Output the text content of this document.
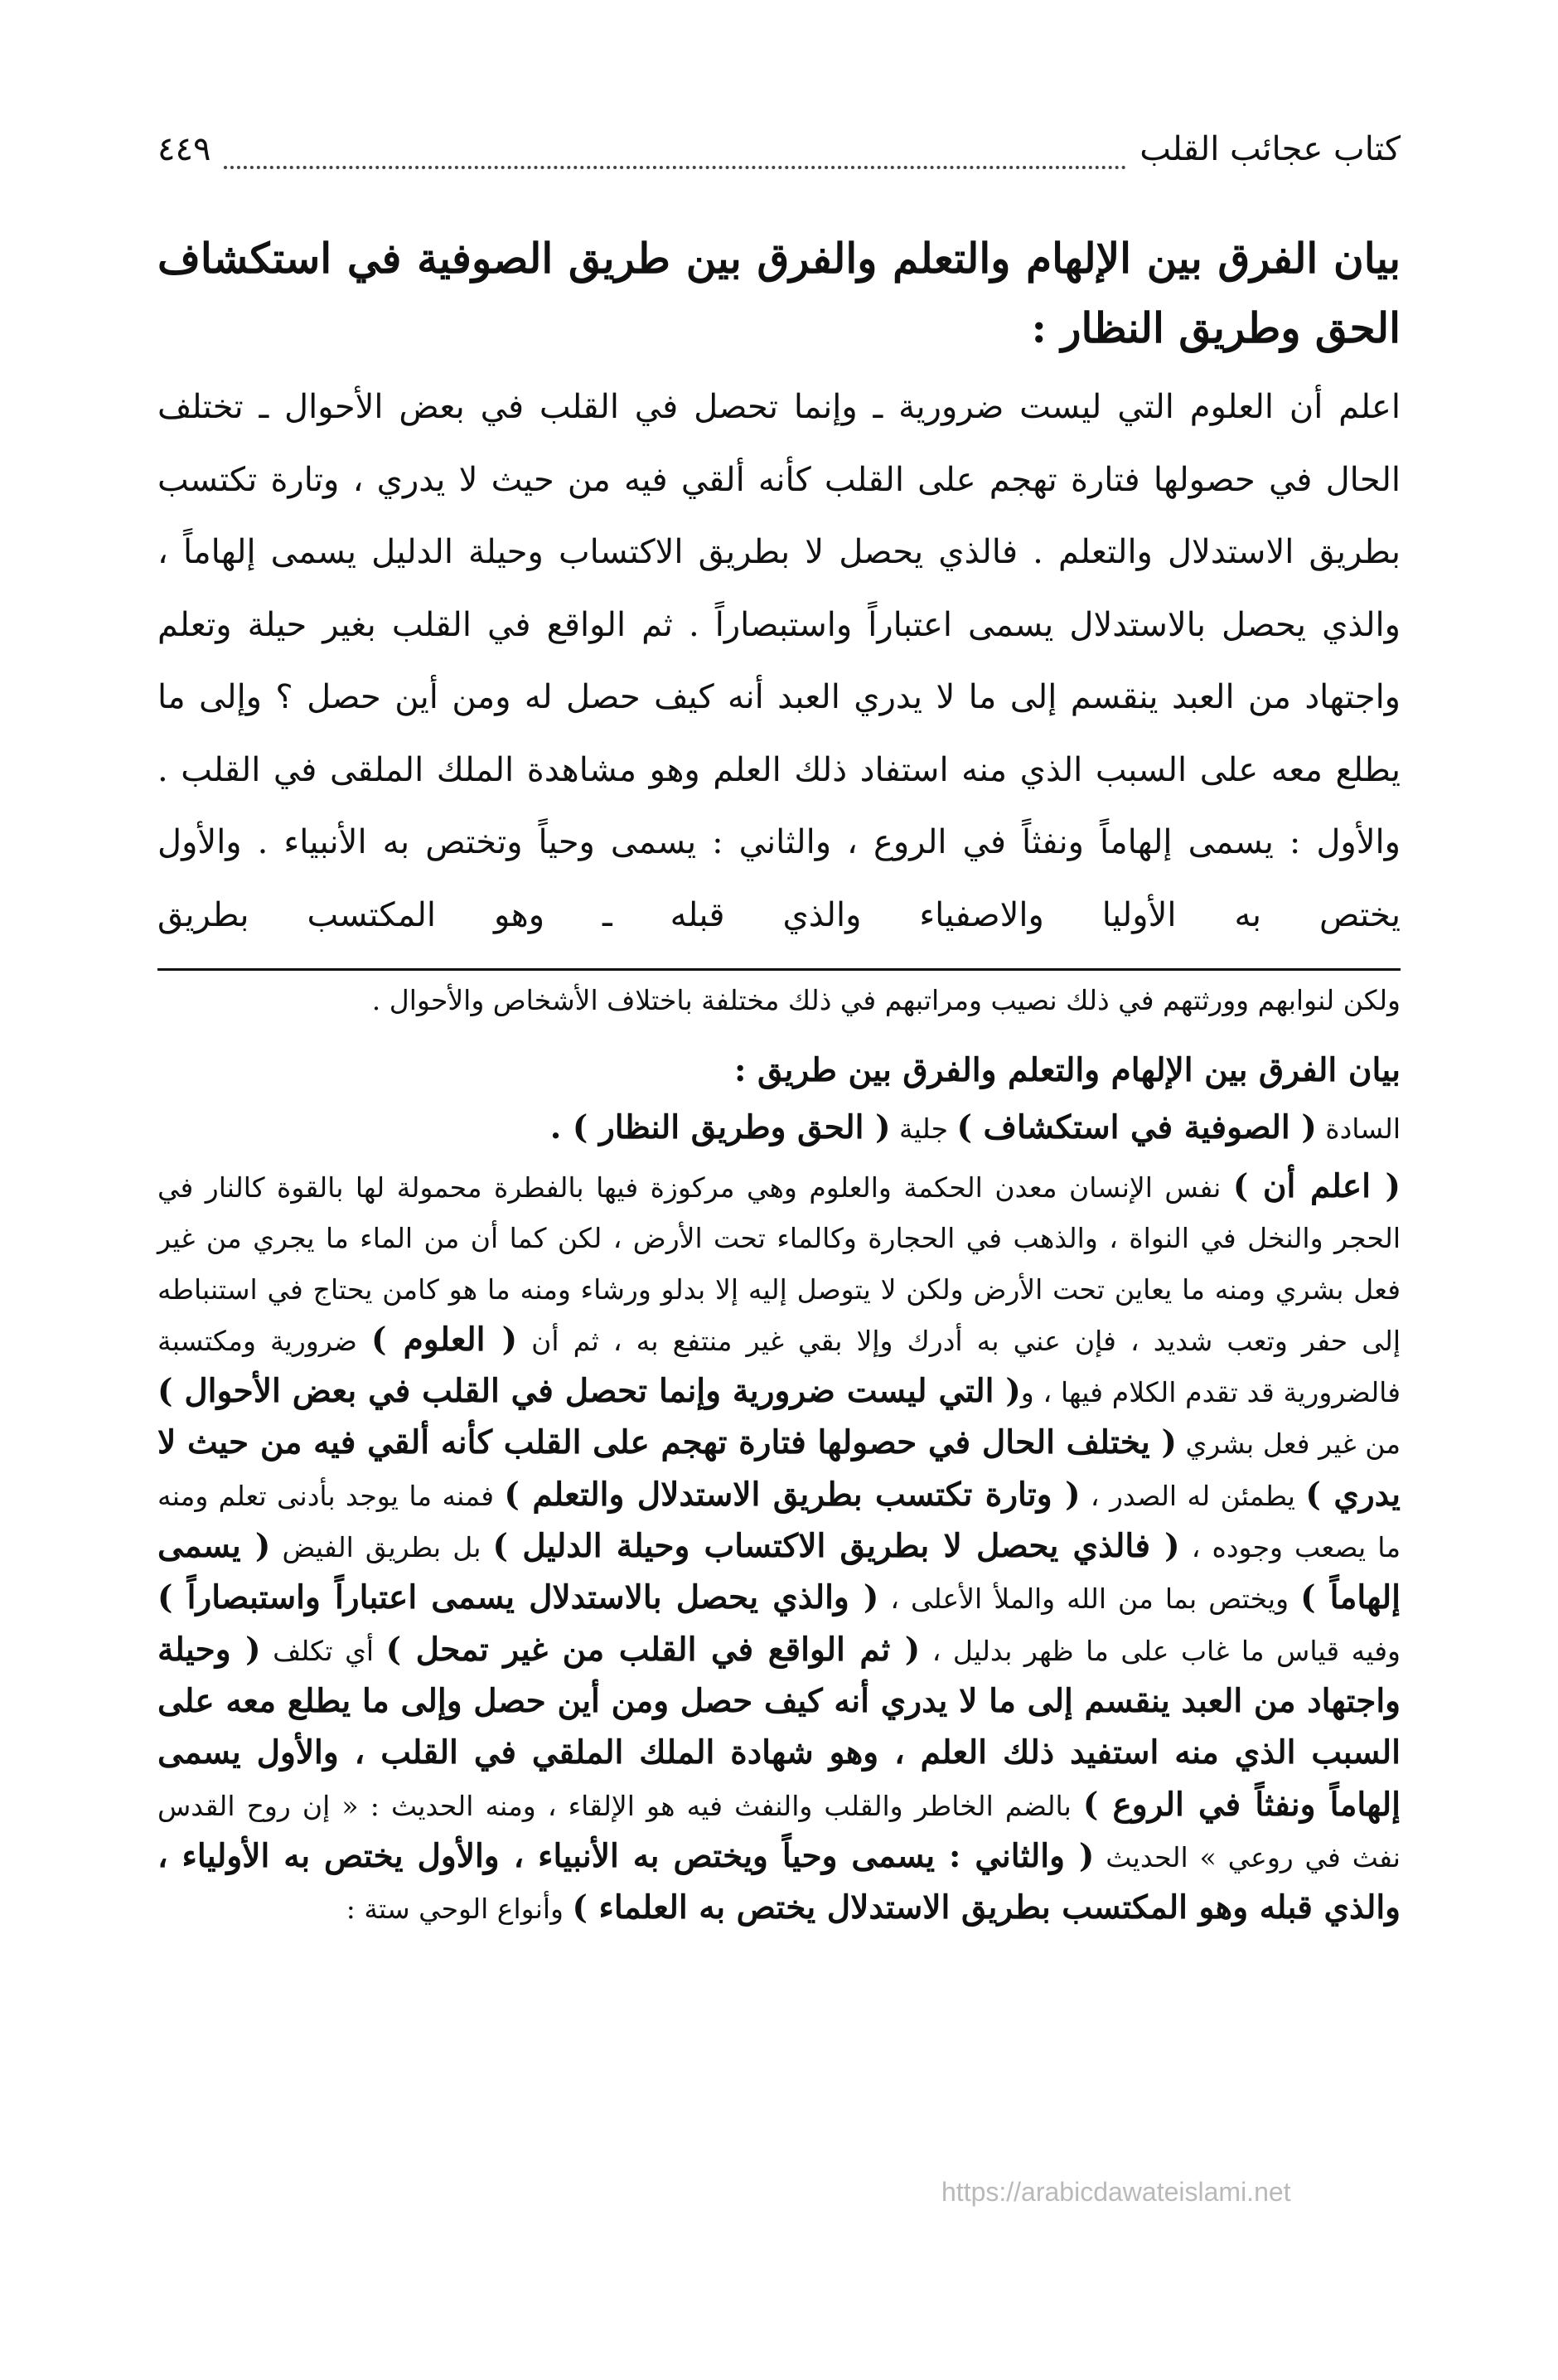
كتاب عجائب القلب
٤٤٩
بيان الفرق بين الإلهام والتعلم والفرق بين طريق الصوفية في استكشاف الحق وطريق النظار :
اعلم أن العلوم التي ليست ضرورية ـ وإنما تحصل في القلب في بعض الأحوال ـ تختلف الحال في حصولها فتارة تهجم على القلب كأنه ألقي فيه من حيث لا يدري ، وتارة تكتسب بطريق الاستدلال والتعلم . فالذي يحصل لا بطريق الاكتساب وحيلة الدليل يسمى إلهاماً ، والذي يحصل بالاستدلال يسمى اعتباراً واستبصاراً . ثم الواقع في القلب بغير حيلة وتعلم واجتهاد من العبد ينقسم إلى ما لا يدري العبد أنه كيف حصل له ومن أين حصل ؟ وإلى ما يطلع معه على السبب الذي منه استفاد ذلك العلم وهو مشاهدة الملك الملقى في القلب . والأول : يسمى إلهاماً ونفثاً في الروع ، والثاني : يسمى وحياً وتختص به الأنبياء . والأول يختص به الأوليا والاصفياء والذي قبله ـ وهو المكتسب بطريق
ولكن لنوابهم وورثتهم في ذلك نصيب ومراتبهم في ذلك مختلفة باختلاف الأشخاص والأحوال .
بيان الفرق بين الإلهام والتعلم والفرق بين طريق :
السادة ( الصوفية في استكشاف ) جلية ( الحق وطريق النظار ) .
( اعلم أن ) نفس الإنسان معدن الحكمة والعلوم وهي مركوزة فيها بالفطرة محمولة لها بالقوة كالنار في الحجر والنخل في النواة ، والذهب في الحجارة وكالماء تحت الأرض ، لكن كما أن من الماء ما يجري من غير فعل بشري ومنه ما يعاين تحت الأرض ولكن لا يتوصل إليه إلا بدلو ورشاء ومنه ما هو كامن يحتاج في استنباطه إلى حفر وتعب شديد ، فإن عني به أدرك وإلا بقي غير منتفع به ، ثم أن ( العلوم ) ضرورية ومكتسبة فالضرورية قد تقدم الكلام فيها ، و( التي ليست ضرورية وإنما تحصل في القلب في بعض الأحوال ) من غير فعل بشري ( يختلف الحال في حصولها فتارة تهجم على القلب كأنه ألقي فيه من حيث لا يدري ) يطمئن له الصدر ، ( وتارة تكتسب بطريق الاستدلال والتعلم ) فمنه ما يوجد بأدنى تعلم ومنه ما يصعب وجوده ، ( فالذي يحصل لا بطريق الاكتساب وحيلة الدليل ) بل بطريق الفيض ( يسمى إلهاماً ) ويختص بما من الله والملأ الأعلى ، ( والذي يحصل بالاستدلال يسمى اعتباراً واستبصاراً ) وفيه قياس ما غاب على ما ظهر بدليل ، ( ثم الواقع في القلب من غير تمحل ) أي تكلف ( وحيلة واجتهاد من العبد ينقسم إلى ما لا يدري أنه كيف حصل ومن أين حصل وإلى ما يطلع معه على السبب الذي منه استفيد ذلك العلم ، وهو شهادة الملك الملقي في القلب ، والأول يسمى إلهاماً ونفثاً في الروع ) بالضم الخاطر والقلب والنفث فيه هو الإلقاء ، ومنه الحديث : « إن روح القدس نفث في روعي » الحديث ( والثاني : يسمى وحياً ويختص به الأنبياء ، والأول يختص به الأولياء ، والذي قبله وهو المكتسب بطريق الاستدلال يختص به العلماء ) وأنواع الوحي ستة :
https://arabicdawateislami.net
